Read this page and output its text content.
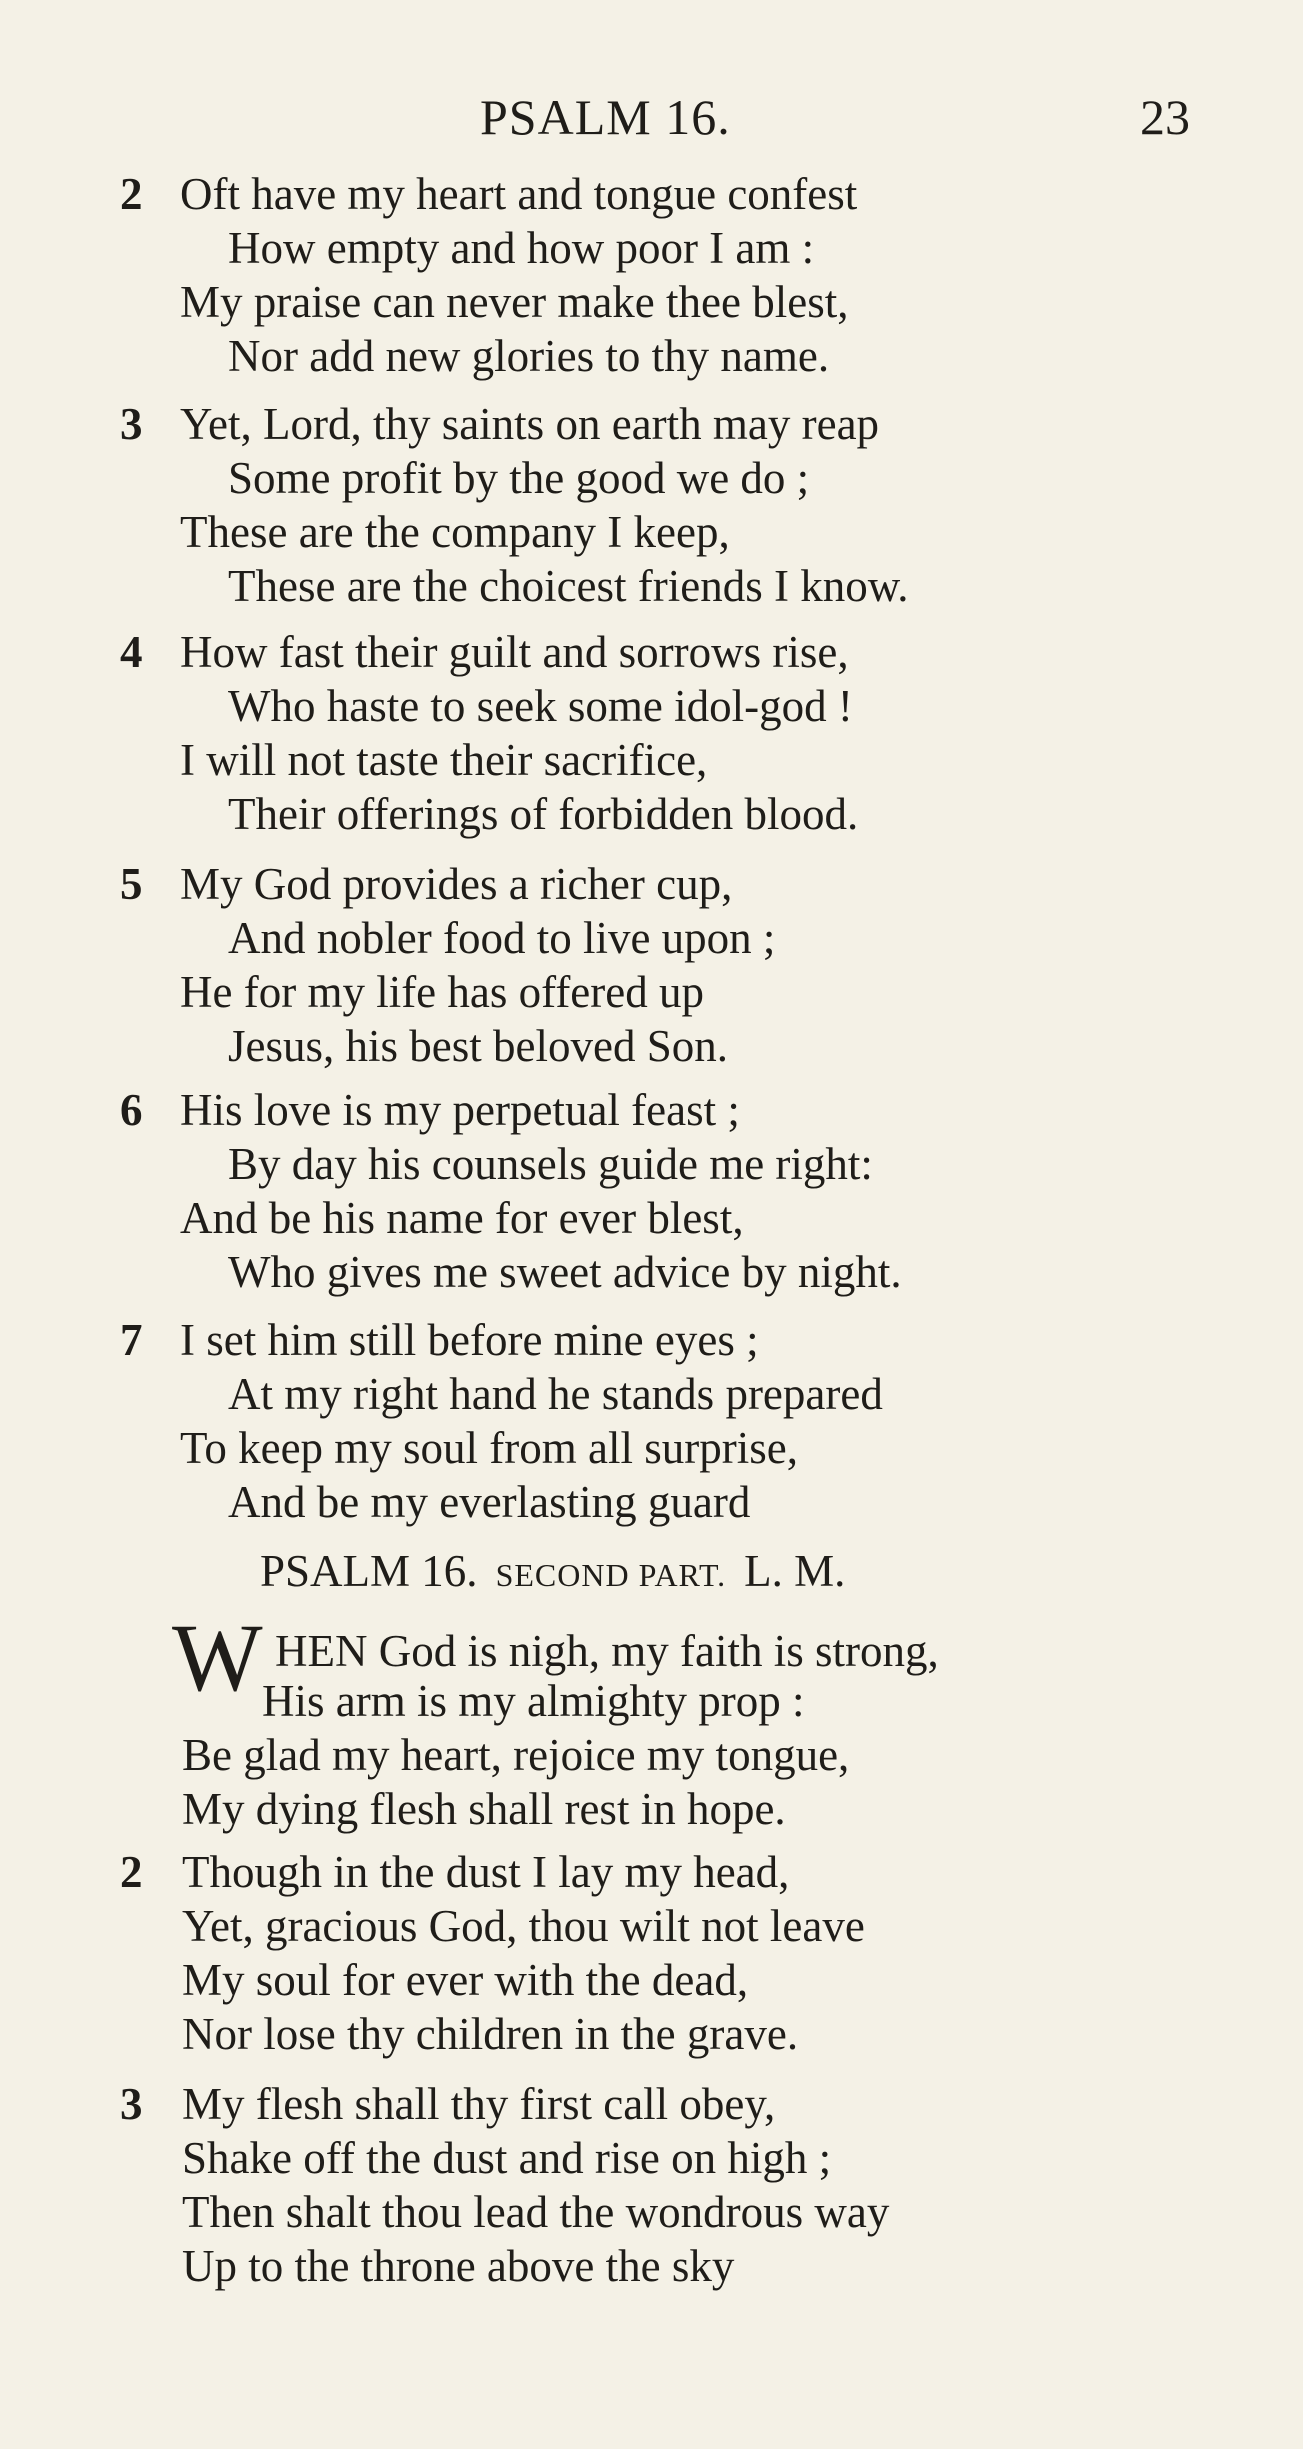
PSALM 16.	23
2 Oft have my heart and tongue confest
How empty and how poor I am :
My praise can never make thee blest,
Nor add new glories to thy name.
3 Yet, Lord, thy saints on earth may reap
Some profit by the good we do ;
These are the company I keep,
These are the choicest friends I know.
4 How fast their guilt and sorrows rise,
Who haste to seek some idol-god !
I will not taste their sacrifice,
Their offerings of forbidden blood.
5 My God provides a richer cup,
And nobler food to live upon ;
He for my life has offered up
Jesus, his best beloved Son.
6 His love is my perpetual feast ;
By day his counsels guide me right:
And be his name for ever blest,
Who gives me sweet advice by night.
7 I set him still before mine eyes ;
At my right hand he stands prepared
To keep my soul from all surprise,
And be my everlasting guard
PSALM 16. SECOND PART. L. M.
W HEN God is nigh, my faith is strong,
His arm is my almighty prop :
Be glad my heart, rejoice my tongue,
My dying flesh shall rest in hope.
2 Though in the dust I lay my head,
Yet, gracious God, thou wilt not leave
My soul for ever with the dead,
Nor lose thy children in the grave.
3 My flesh shall thy first call obey,
Shake off the dust and rise on high ;
Then shalt thou lead the wondrous way
Up to the throne above the sky
